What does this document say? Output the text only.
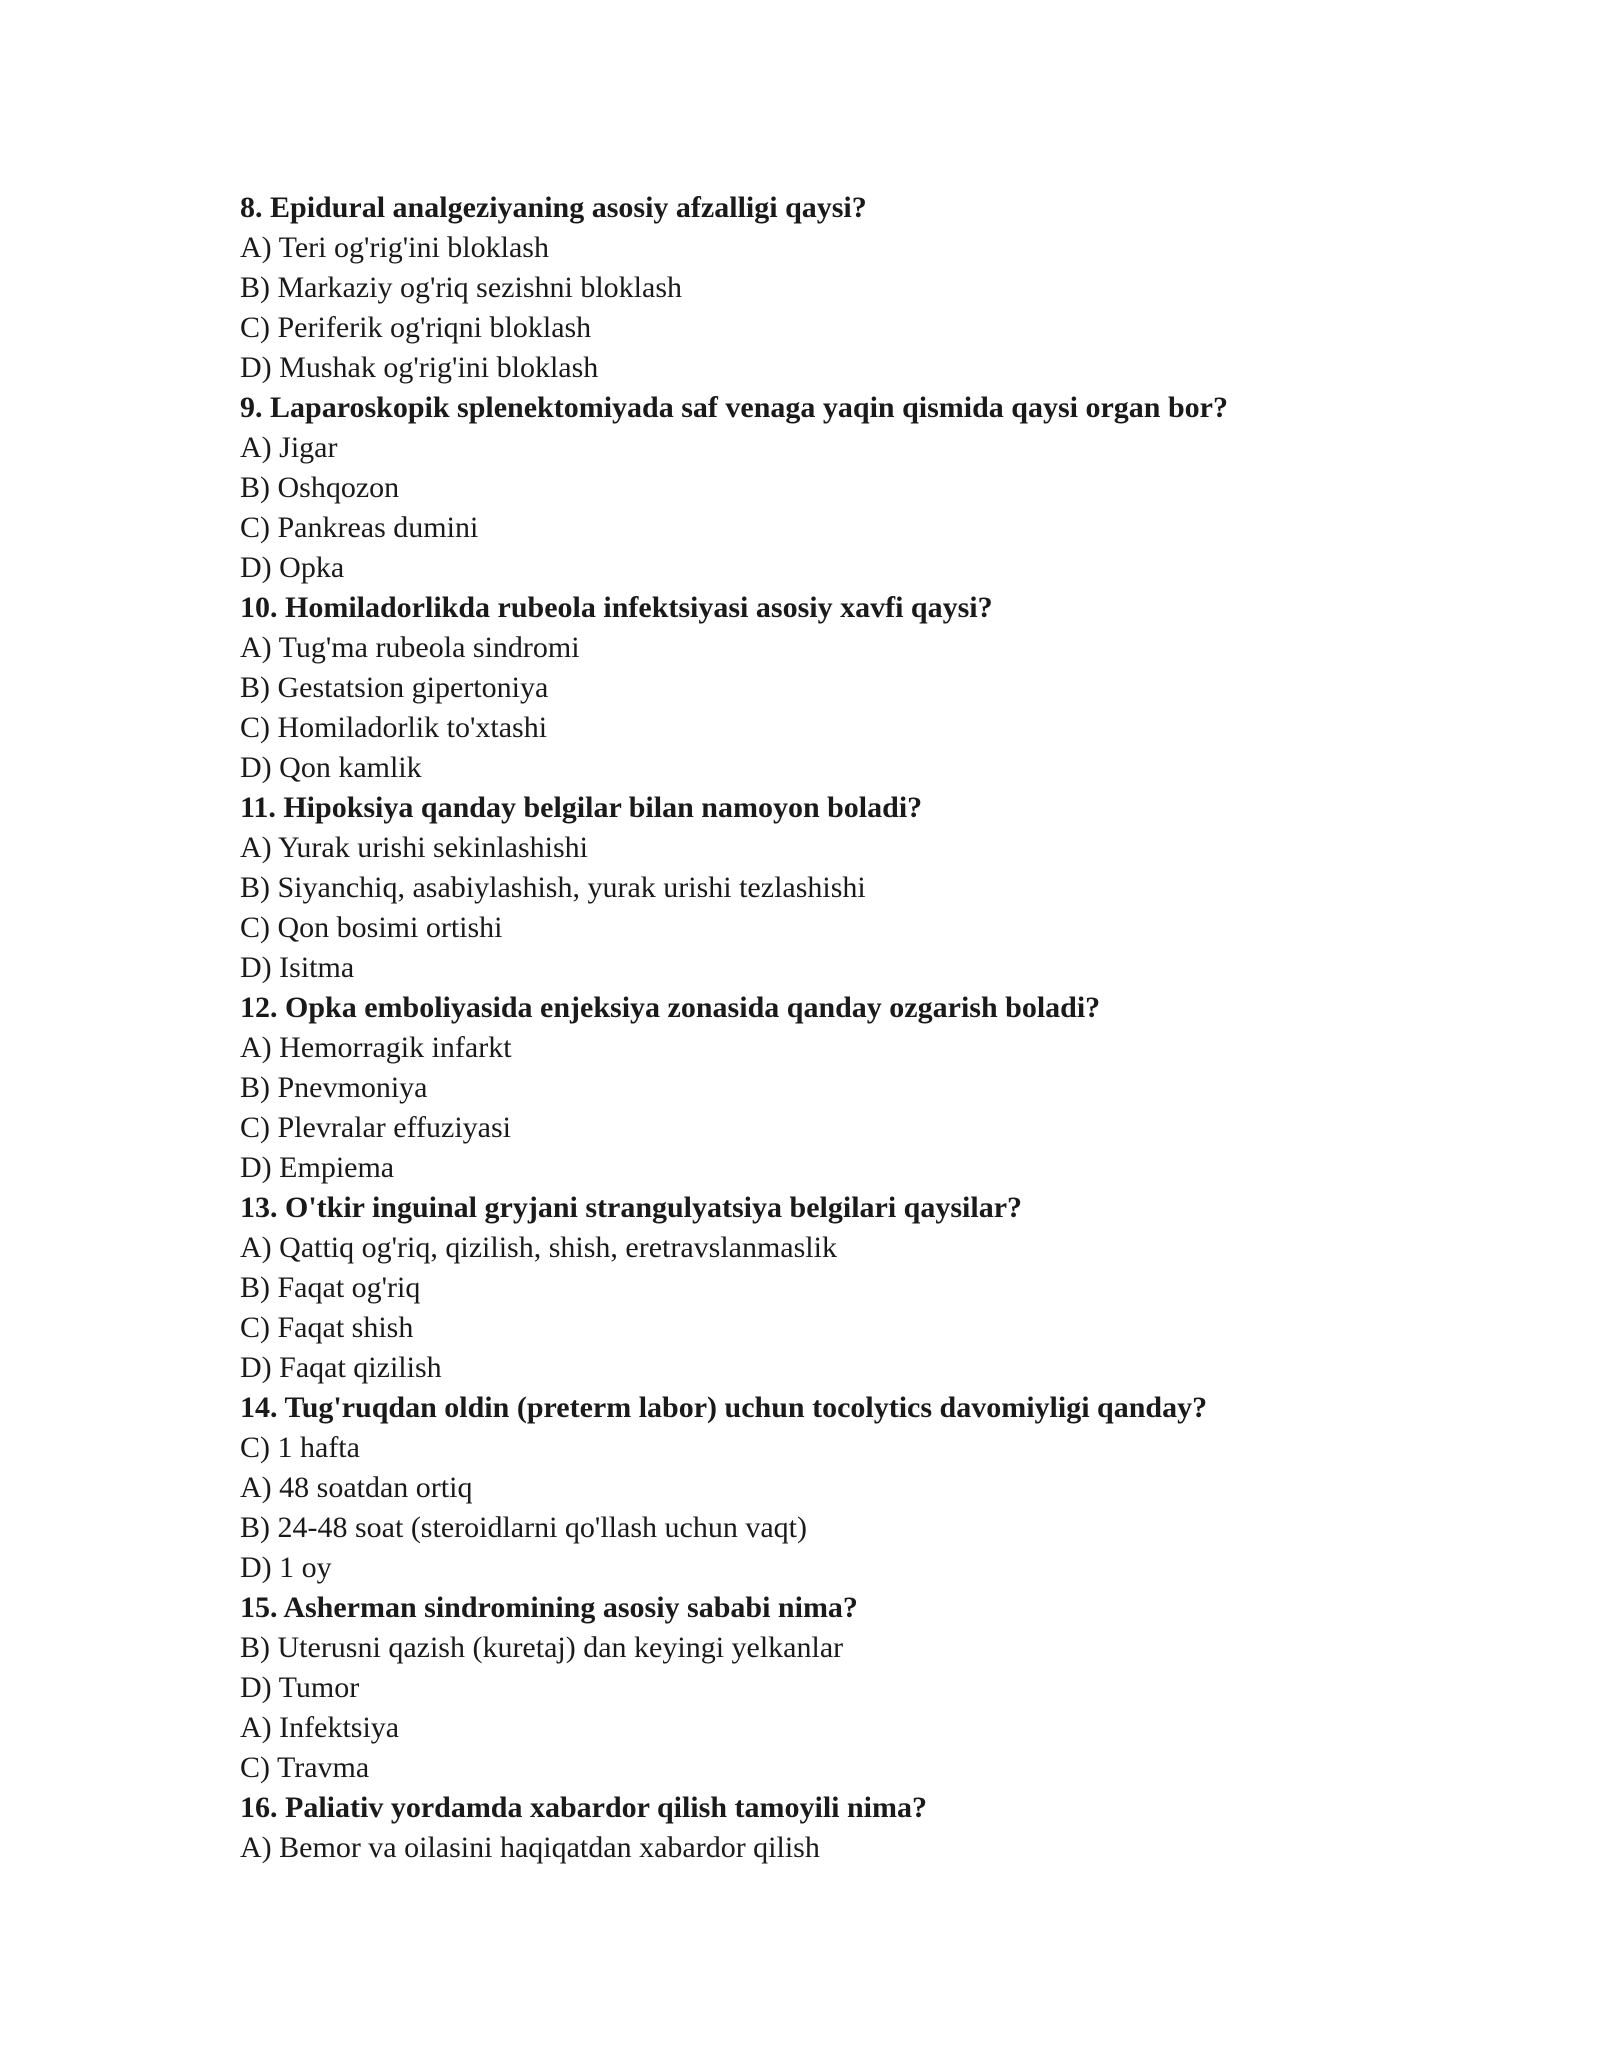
8. Epidural analgeziyaning asosiy afzalligi qaysi?
A) Teri og'rig'ini bloklash
B) Markaziy og'riq sezishni bloklash
C) Periferik og'riqni bloklash
D) Mushak og'rig'ini bloklash
9. Laparoskopik splenektomiyada saf venaga yaqin qismida qaysi organ bor?
A) Jigar
B) Oshqozon
C) Pankreas dumini
D) Opka
10. Homiladorlikda rubeola infektsiyasi asosiy xavfi qaysi?
A) Tug'ma rubeola sindromi
B) Gestatsion gipertoniya
C) Homiladorlik to'xtashi
D) Qon kamlik
11. Hipoksiya qanday belgilar bilan namoyon boladi?
A) Yurak urishi sekinlashishi
B) Siyanchiq, asabiylashish, yurak urishi tezlashishi
C) Qon bosimi ortishi
D) Isitma
12. Opka emboliyasida enjeksiya zonasida qanday ozgarish boladi?
A) Hemorragik infarkt
B) Pnevmoniya
C) Plevralar effuziyasi
D) Empiema
13. O'tkir inguinal gryjani strangulyatsiya belgilari qaysilar?
A) Qattiq og'riq, qizilish, shish, eretravslanmaslik
B) Faqat og'riq
C) Faqat shish
D) Faqat qizilish
14. Tug'ruqdan oldin (preterm labor) uchun tocolytics davomiyligi qanday?
C) 1 hafta
A) 48 soatdan ortiq
B) 24-48 soat (steroidlarni qo'llash uchun vaqt)
D) 1 oy
15. Asherman sindromining asosiy sababi nima?
B) Uterusni qazish (kuretaj) dan keyingi yelkanlar
D) Tumor
A) Infektsiya
C) Travma
16. Paliativ yordamda xabardor qilish tamoyili nima?
A) Bemor va oilasini haqiqatdan xabardor qilish
